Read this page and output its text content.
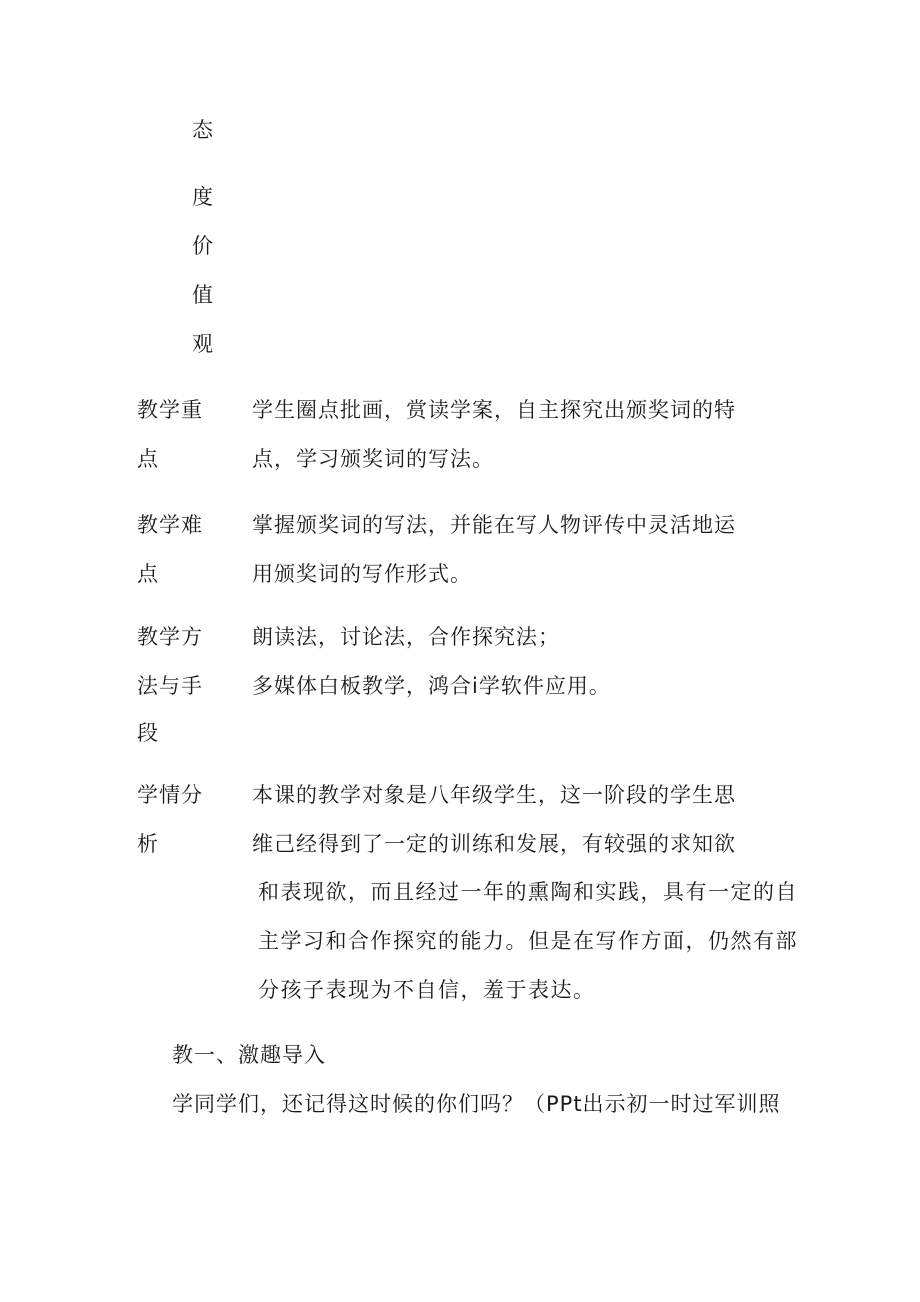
态
度
价
值
观
教学重
点
学生圈点批画，赏读学案，自主探究出颁奖词的特
点，学习颁奖词的写法。
教学难
点
掌握颁奖词的写法，并能在写人物评传中灵活地运
用颁奖词的写作形式。
教学方
法与手
段
朗读法，讨论法，合作探究法；
多媒体白板教学，鸿合i学软件应用。
学情分
析
本课的教学对象是八年级学生，这一阶段的学生思
维己经得到了一定的训练和发展，有较强的求知欲
和表现欲，而且经过一年的熏陶和实践，具有一定的自
主学习和合作探究的能力。但是在写作方面，仍然有部
分孩子表现为不自信，羞于表达。
教一、激趣导入
学同学们，还记得这时候的你们吗？（PPt出示初一时过军训照
